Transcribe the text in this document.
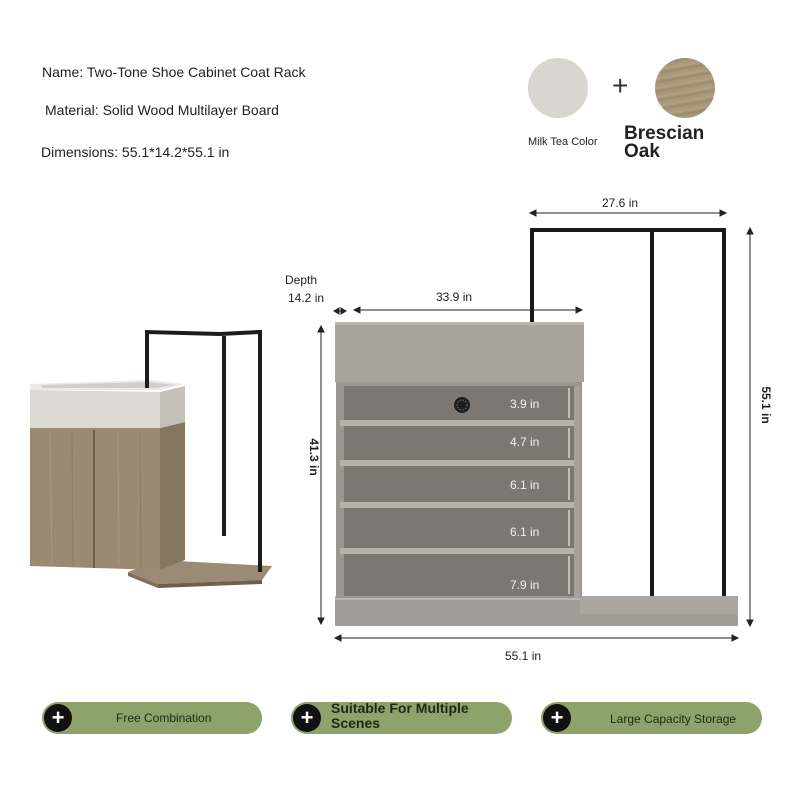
Name: Two-Tone Shoe Cabinet Coat Rack
Material: Solid Wood Multilayer Board
Dimensions: 55.1*14.2*55.1 in
Milk Tea Color
+
Brescian
Oak
27.6 in
Depth
14.2 in	33.9 in
41.3 in
55.1 in
55.1 in
3.9 in
4.7 in
6.1 in
6.1 in
7.9 in
+	Free Combination	+	Suitable For Multiple Scenes	+	Large Capacity Storage
